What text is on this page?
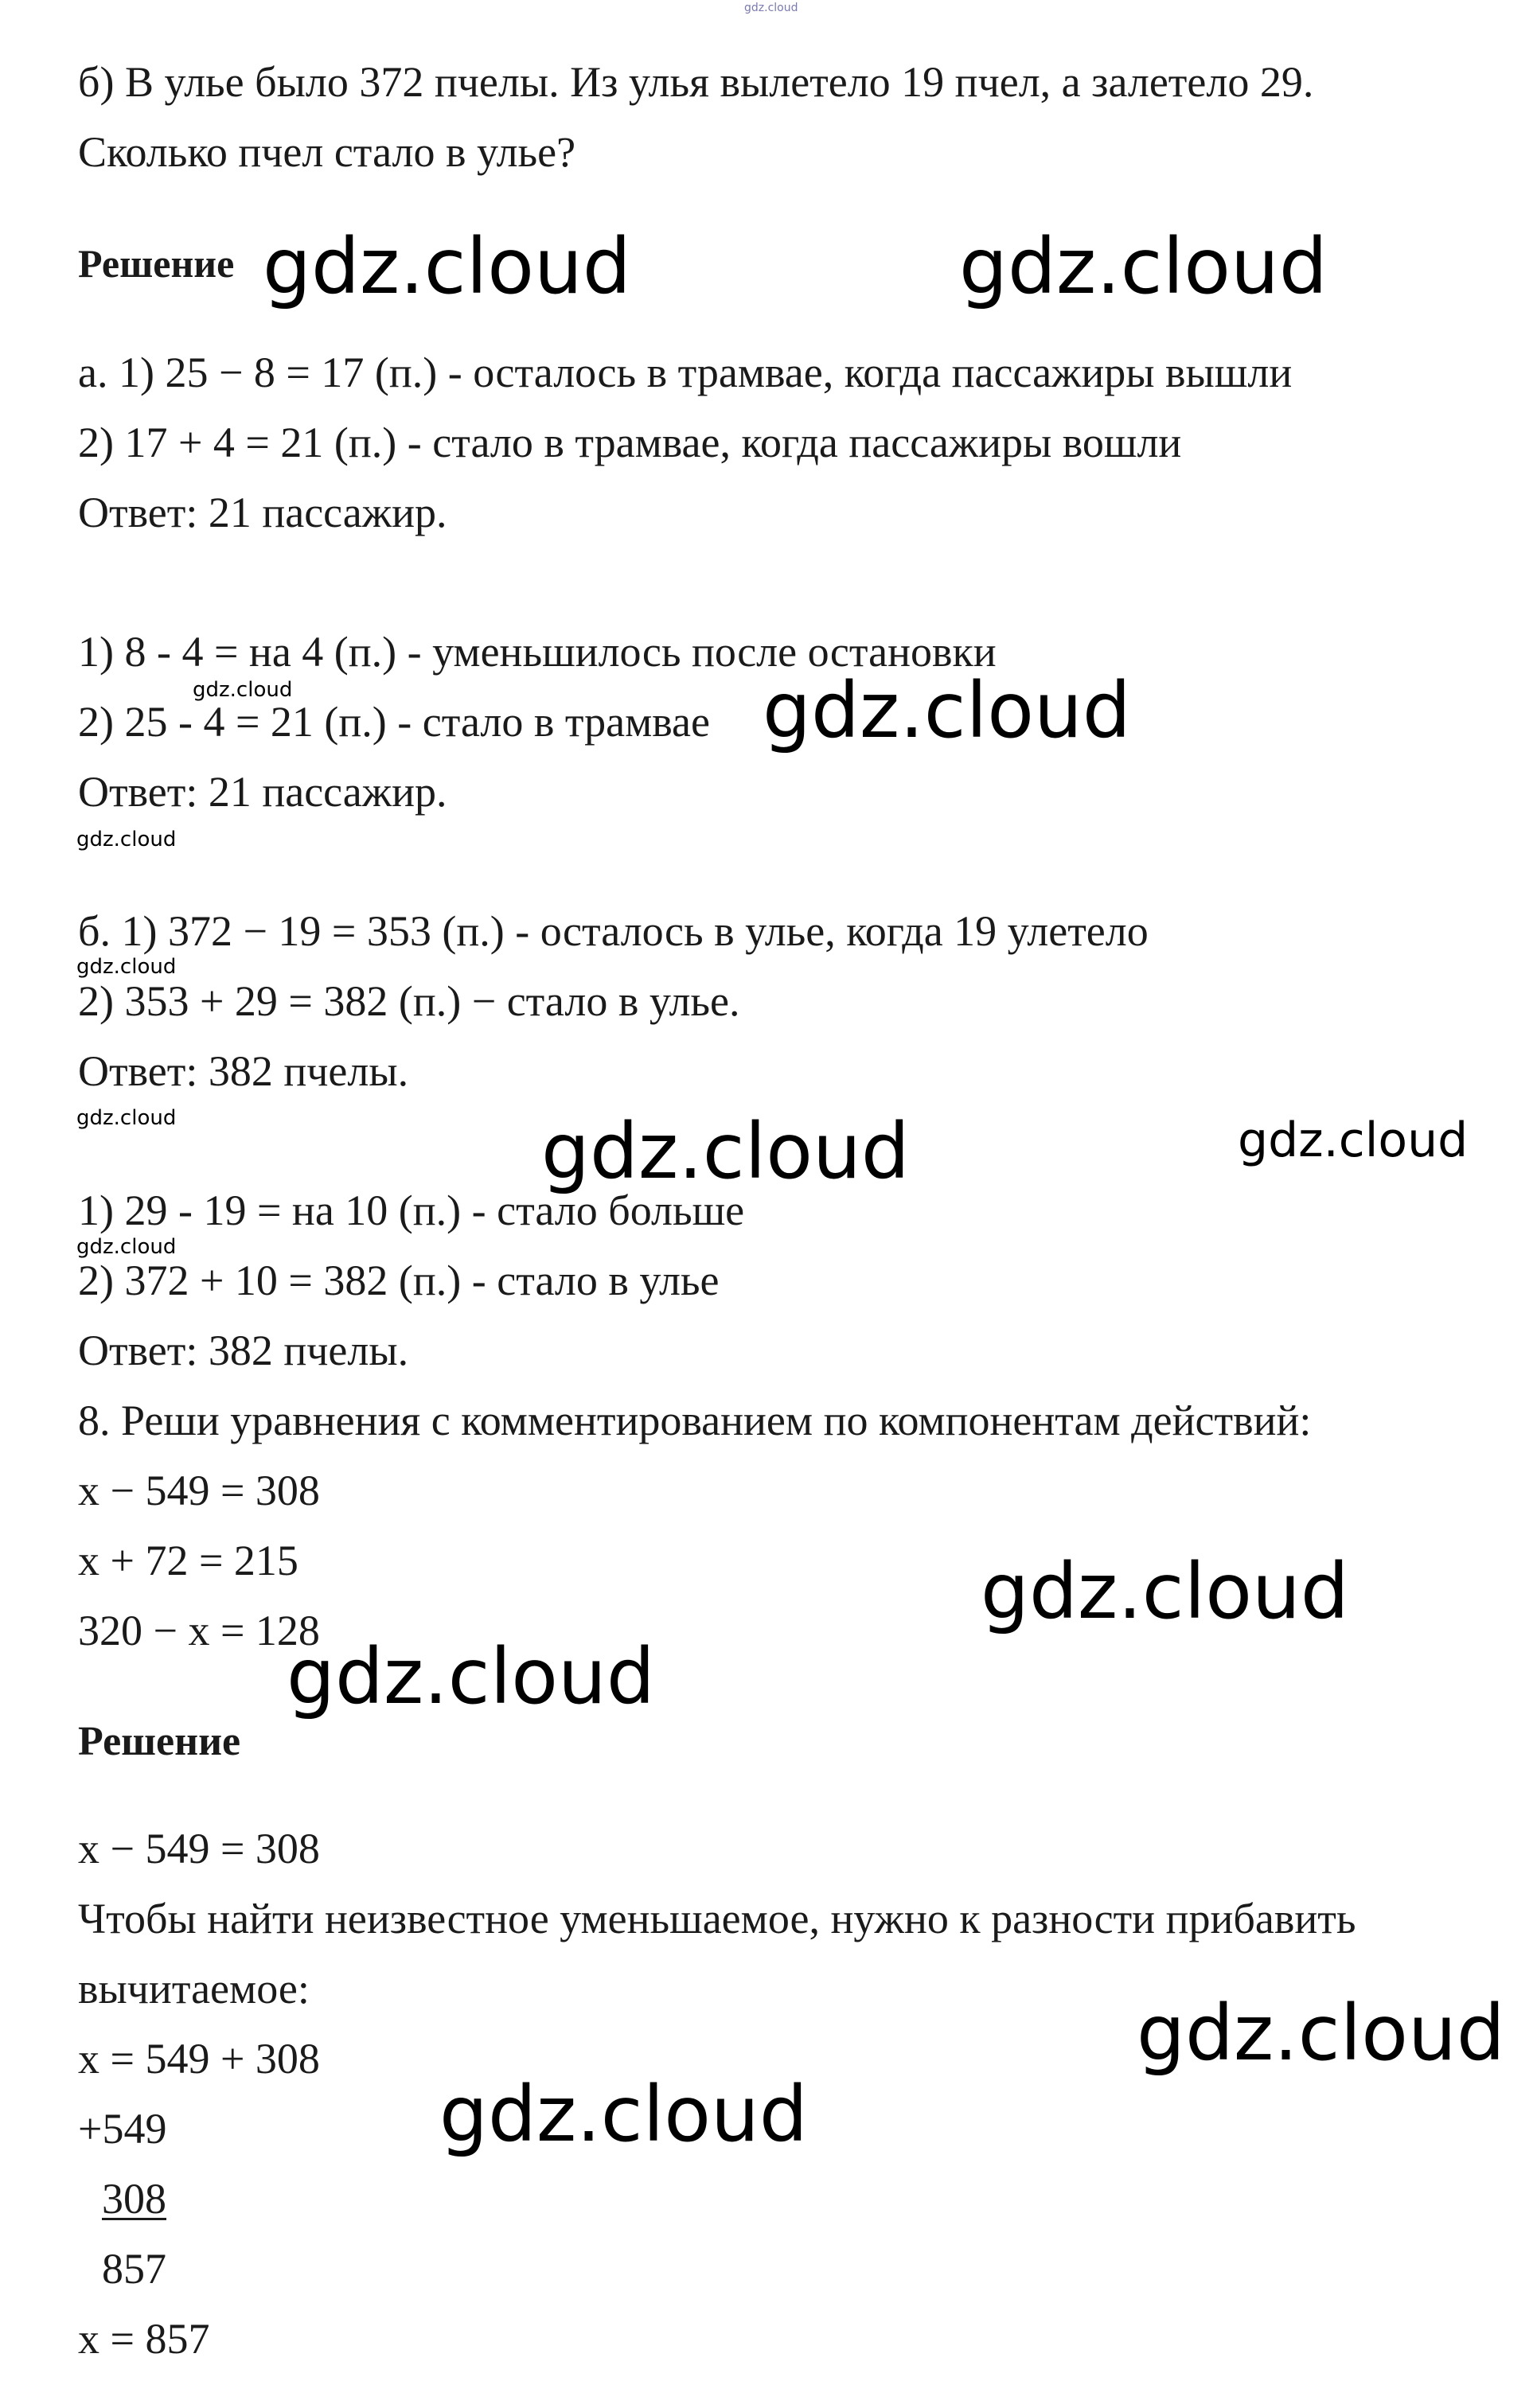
gdz.cloud
б) В улье было 372 пчелы. Из улья вылетело 19 пчел, а залетело 29.
Сколько пчел стало в улье?
Решение
а. 1) 25 − 8 = 17 (п.) - осталось в трамвае, когда пассажиры вышли
2) 17 + 4 = 21 (п.) - стало в трамвае, когда пассажиры вошли
Ответ: 21 пассажир.
1) 8 - 4 = на 4 (п.) - уменьшилось после остановки
2) 25 - 4 = 21 (п.) - стало в трамвае
Ответ: 21 пассажир.
б. 1) 372 − 19 = 353 (п.) - осталось в улье, когда 19 улетело
2) 353 + 29 = 382 (п.) − стало в улье.
Ответ: 382 пчелы.
1) 29 - 19 = на 10 (п.) - стало больше
2) 372 + 10 = 382 (п.) - стало в улье
Ответ: 382 пчелы.
8. Реши уравнения с комментированием по компонентам действий:
x − 549 = 308
x + 72 = 215
320 − x = 128
Решение
x − 549 = 308
Чтобы найти неизвестное уменьшаемое, нужно к разности прибавить
вычитаемое:
x = 549 + 308
+549
308
857
x = 857
gdz.cloud	gdz.cloud
gdz.cloud	gdz.cloud
gdz.cloud
gdz.cloud
gdz.cloud	gdz.cloud	gdz.cloud
gdz.cloud
gdz.cloud
gdz.cloud
gdz.cloud
gdz.cloud
